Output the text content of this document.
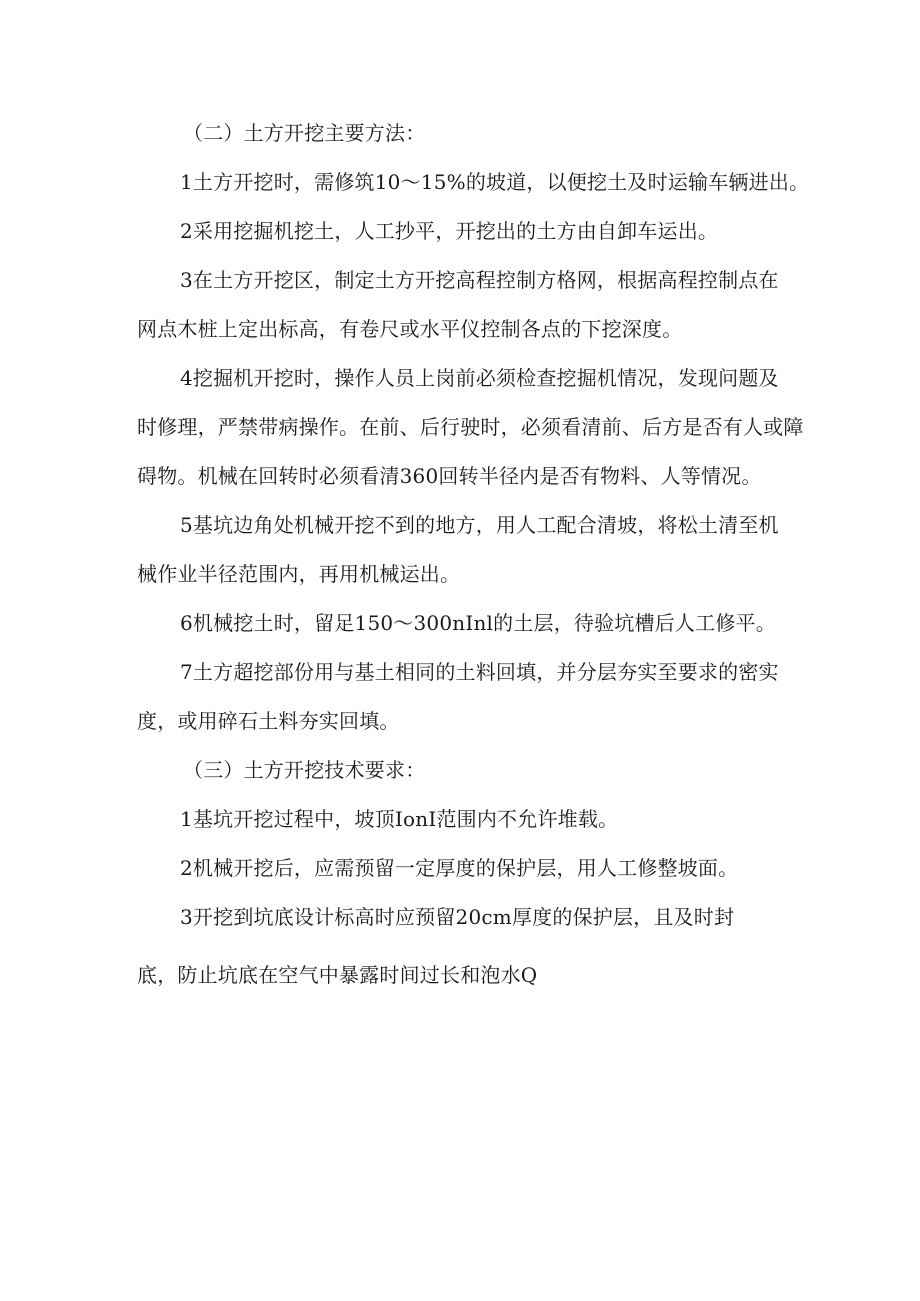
（二）土方开挖主要方法：
1土方开挖时，需修筑10～15%的坡道，以便挖土及时运输车辆进出。
2采用挖掘机挖土，人工抄平，开挖出的土方由自卸车运出。
3在土方开挖区，制定土方开挖高程控制方格网，根据高程控制点在
网点木桩上定出标高，有卷尺或水平仪控制各点的下挖深度。
4挖掘机开挖时，操作人员上岗前必须检查挖掘机情况，发现问题及
时修理，严禁带病操作。在前、后行驶时，必须看清前、后方是否有人或障
碍物。机械在回转时必须看清360回转半径内是否有物料、人等情况。
5基坑边角处机械开挖不到的地方，用人工配合清坡，将松土清至机
械作业半径范围内，再用机械运出。
6机械挖土时，留足150～300nInl的土层，待验坑槽后人工修平。
7土方超挖部份用与基土相同的土料回填，并分层夯实至要求的密实
度，或用碎石土料夯实回填。
（三）土方开挖技术要求：
1基坑开挖过程中，坡顶IonI范围内不允许堆载。
2机械开挖后，应需预留一定厚度的保护层，用人工修整坡面。
3开挖到坑底设计标高时应预留20cm厚度的保护层，且及时封
底，防止坑底在空气中暴露时间过长和泡水Q
